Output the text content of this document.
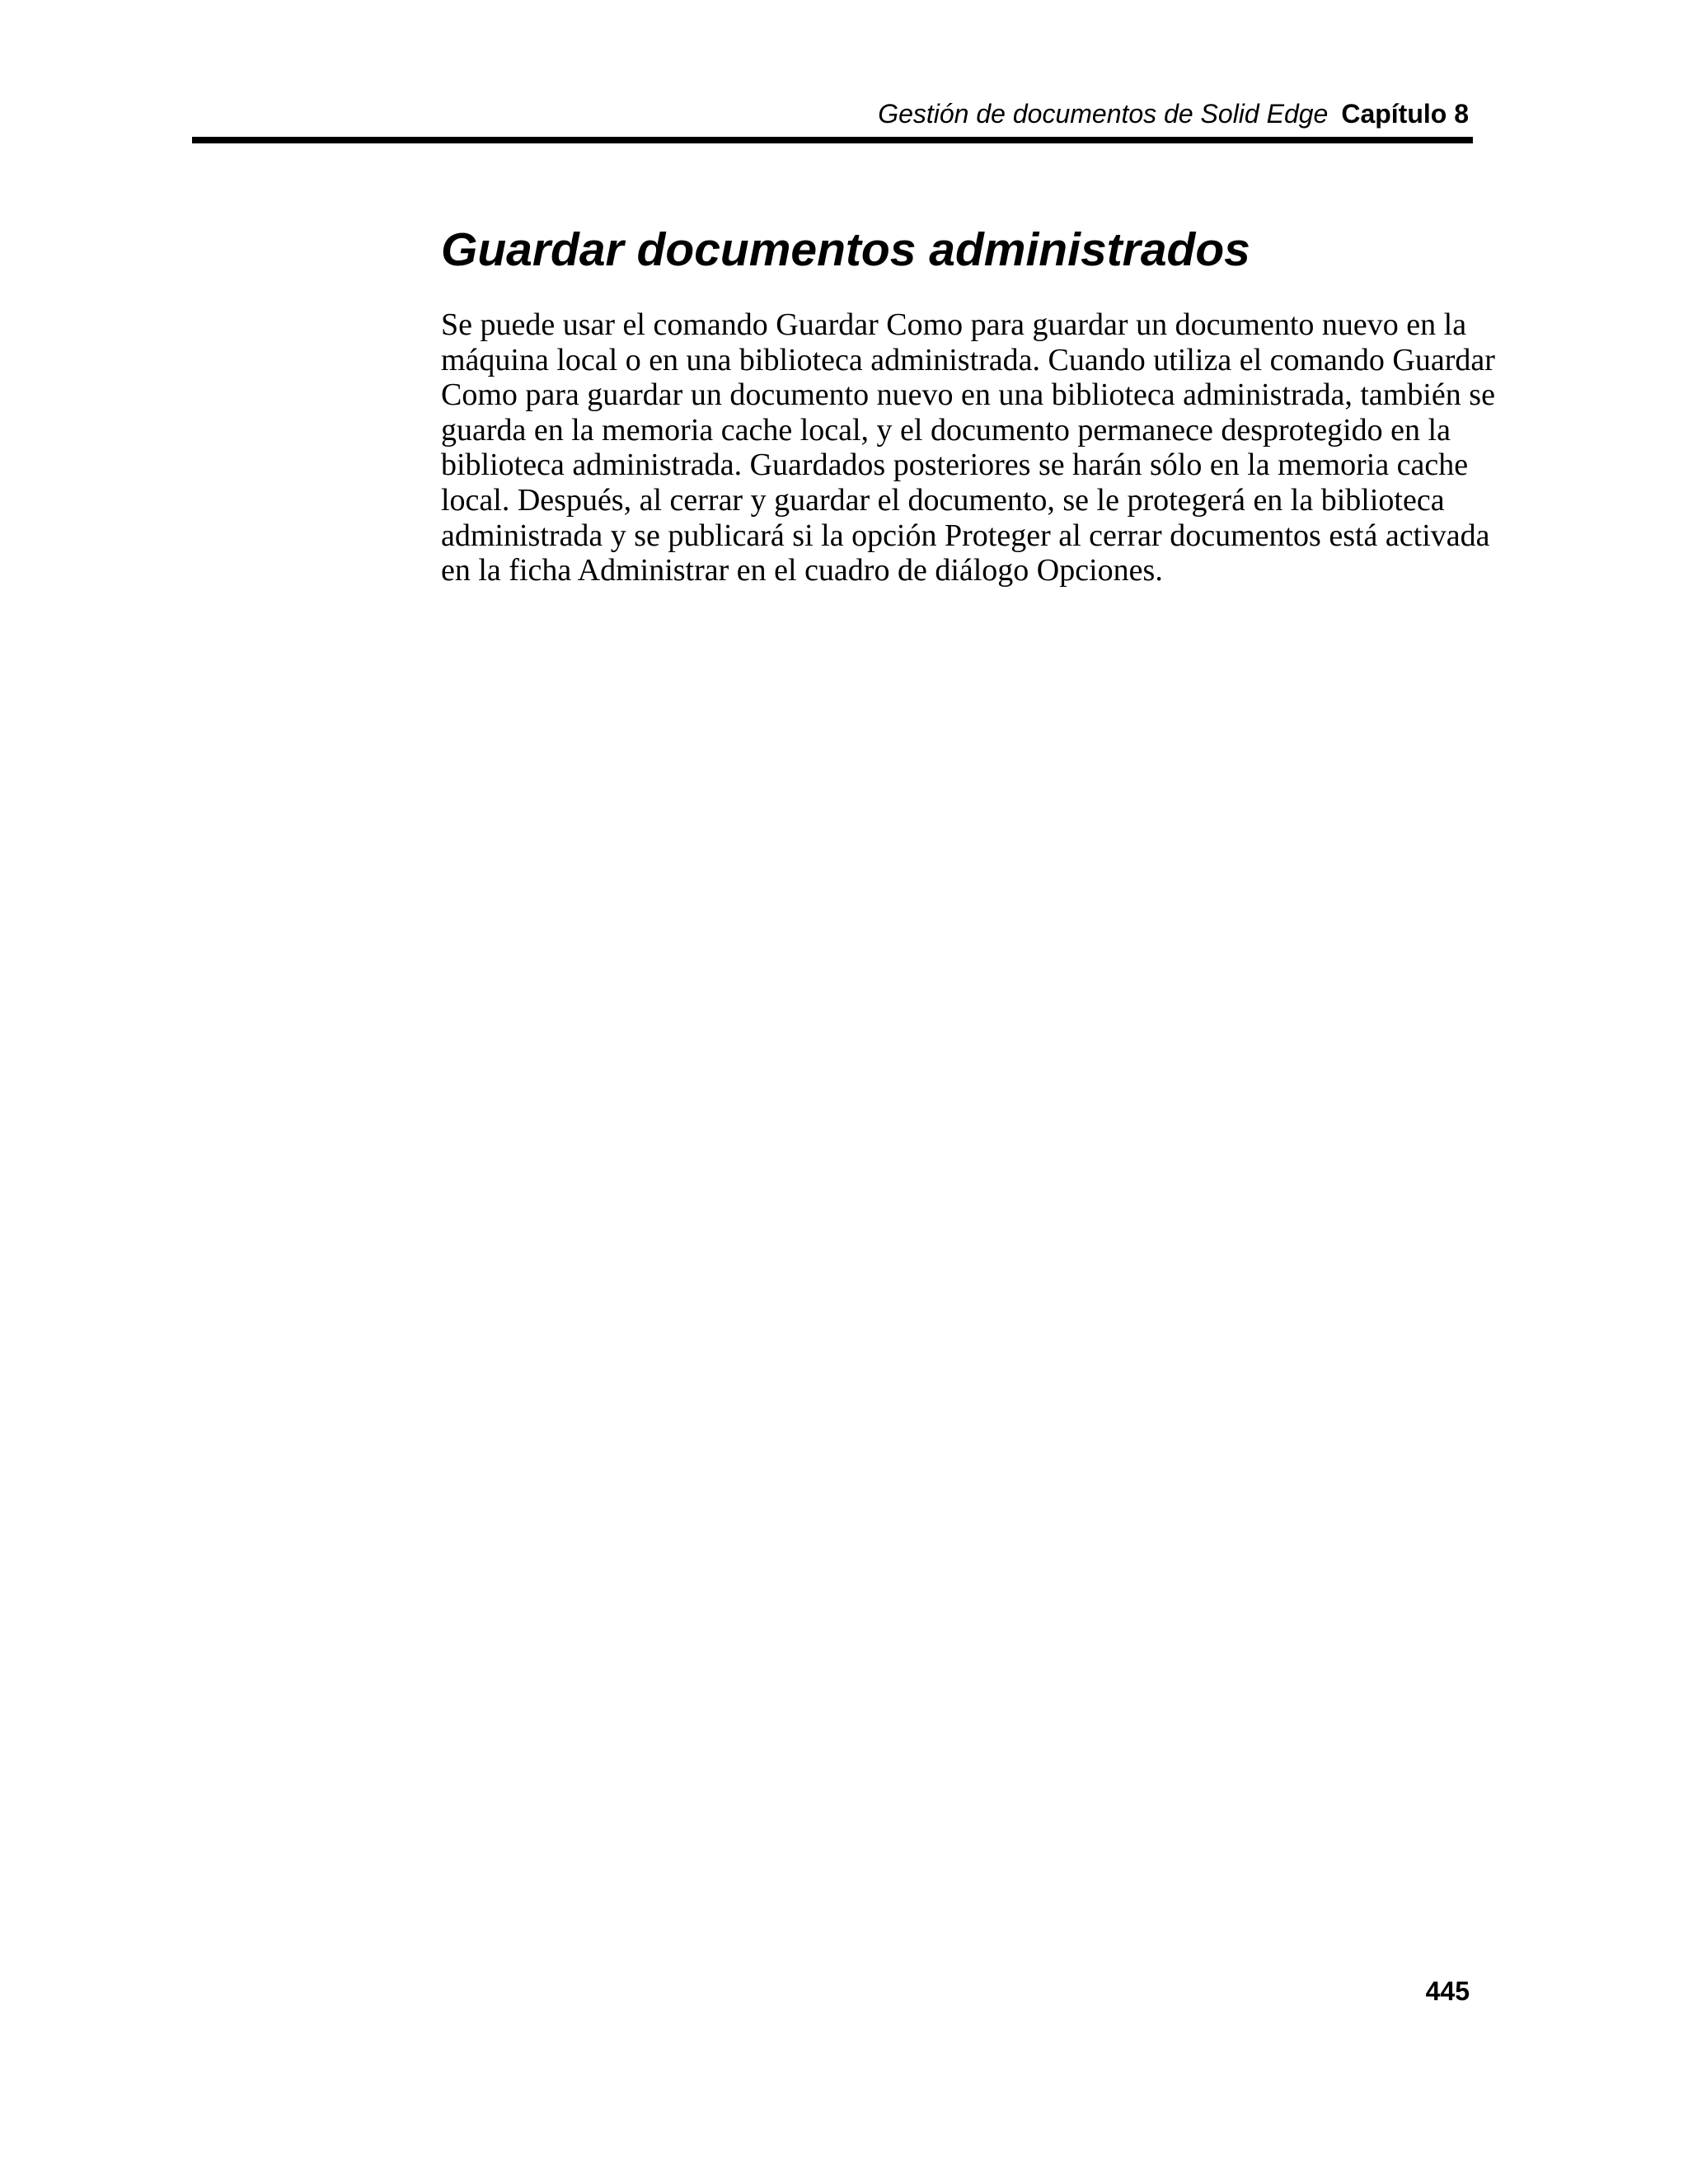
Gestión de documentos de Solid Edge Capítulo 8
Guardar documentos administrados

Se puede usar el comando Guardar Como para guardar un documento nuevo en la
máquina local o en una biblioteca administrada. Cuando utiliza el comando Guardar
Como para guardar un documento nuevo en una biblioteca administrada, también se
guarda en la memoria cache local, y el documento permanece desprotegido en la
biblioteca administrada. Guardados posteriores se harán sólo en la memoria cache
local. Después, al cerrar y guardar el documento, se le protegerá en la biblioteca
administrada y se publicará si la opción Proteger al cerrar documentos está activada
en la ficha Administrar en el cuadro de diálogo Opciones.

445
